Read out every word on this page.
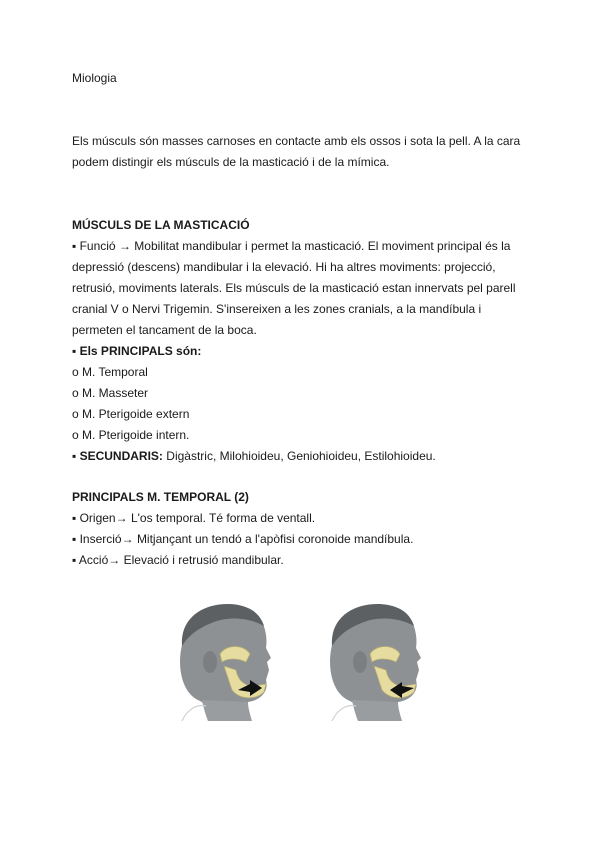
Miologia

Els músculs són masses carnoses en contacte amb els ossos i sota la pell. A la cara

podem distingir els músculs de la masticació i de la mímica.

MÚSCULS DE LA MASTICACIÓ

▪ Funció → Mobilitat mandibular i permet la masticació. El moviment principal és la

depressió (descens) mandibular i la elevació. Hi ha altres moviments: projecció,

retrusió, moviments laterals. Els músculs de la masticació estan innervats pel parell

cranial V o Nervi Trigemin. S'insereixen a les zones cranials, a la mandíbula i

permeten el tancament de la boca.

▪ Els PRINCIPALS són:

o M. Temporal

o M. Masseter

o M. Pterigoide extern

o M. Pterigoide intern.

▪ SECUNDARIS: Digàstric, Milohioideu, Geniohioideu, Estilohioideu.

PRINCIPALS M. TEMPORAL (2)

▪ Origen→ L'os temporal. Té forma de ventall.

▪ Inserció→ Mitjançant un tendó a l'apòfisi coronoide mandíbula.

▪ Acció→ Elevació i retrusió mandibular.
